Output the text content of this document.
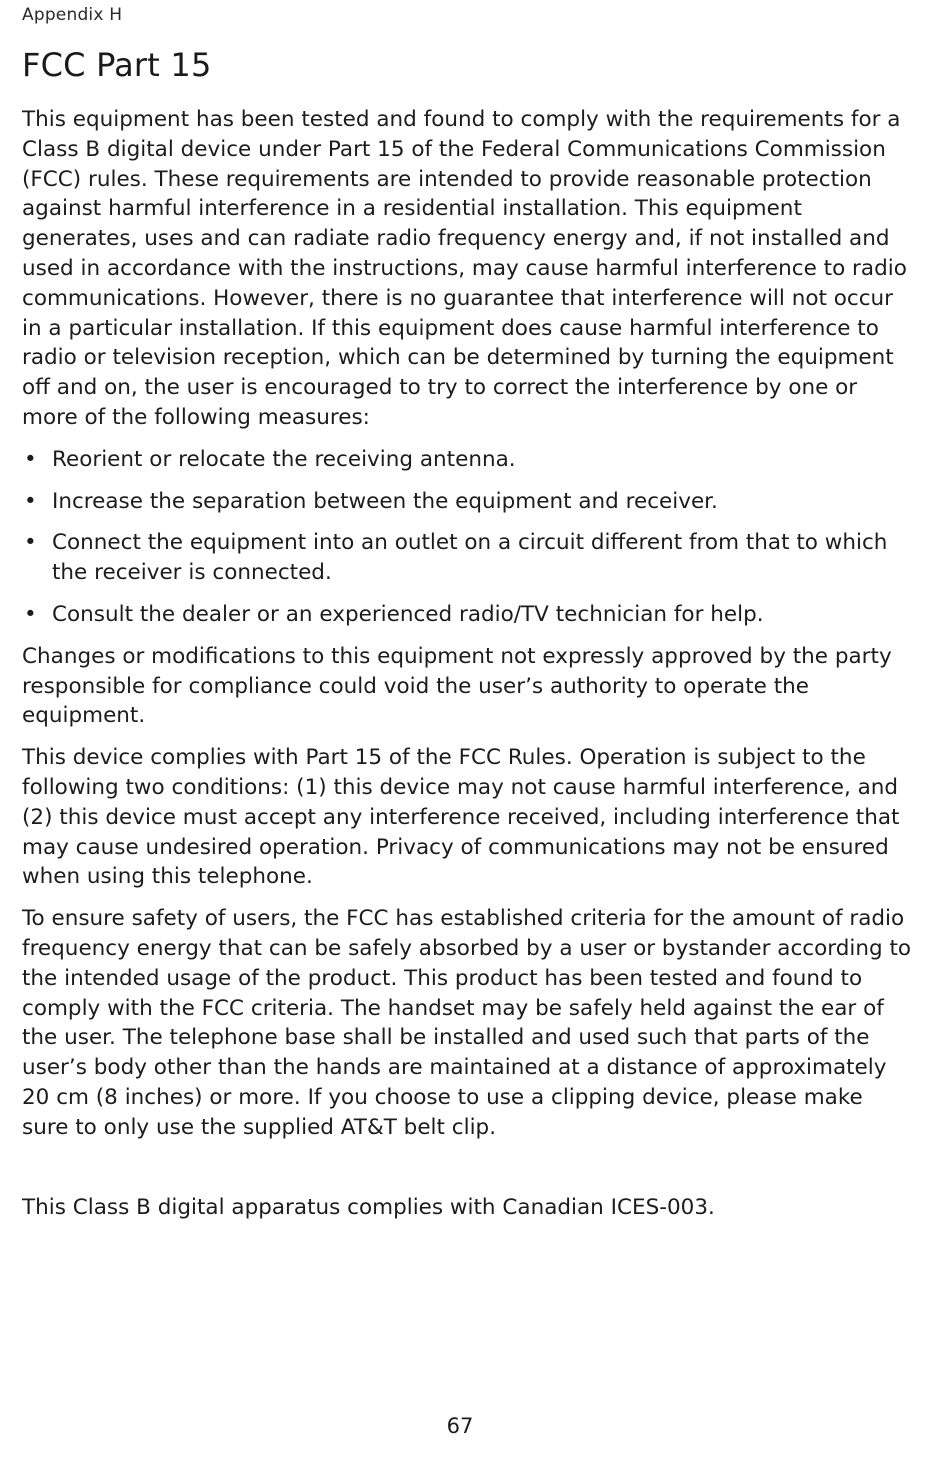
Appendix H
FCC Part 15

This equipment has been tested and found to comply with the requirements for a Class B digital device under Part 15 of the Federal Communications Commission (FCC) rules. These requirements are intended to provide reasonable protection against harmful interference in a residential installation. This equipment generates, uses and can radiate radio frequency energy and, if not installed and used in accordance with the instructions, may cause harmful interference to radio communications. However, there is no guarantee that interference will not occur in a particular installation. If this equipment does cause harmful interference to radio or television reception, which can be determined by turning the equipment off and on, the user is encouraged to try to correct the interference by one or more of the following measures:

• Reorient or relocate the receiving antenna.
• Increase the separation between the equipment and receiver.
• Connect the equipment into an outlet on a circuit different from that to which the receiver is connected.
• Consult the dealer or an experienced radio/TV technician for help.

Changes or modifications to this equipment not expressly approved by the party responsible for compliance could void the user’s authority to operate the equipment.

This device complies with Part 15 of the FCC Rules. Operation is subject to the following two conditions: (1) this device may not cause harmful interference, and (2) this device must accept any interference received, including interference that may cause undesired operation. Privacy of communications may not be ensured when using this telephone.

To ensure safety of users, the FCC has established criteria for the amount of radio frequency energy that can be safely absorbed by a user or bystander according to the intended usage of the product. This product has been tested and found to comply with the FCC criteria. The handset may be safely held against the ear of the user. The telephone base shall be installed and used such that parts of the user’s body other than the hands are maintained at a distance of approximately 20 cm (8 inches) or more. If you choose to use a clipping device, please make sure to only use the supplied AT&T belt clip.

This Class B digital apparatus complies with Canadian ICES-003.

67
